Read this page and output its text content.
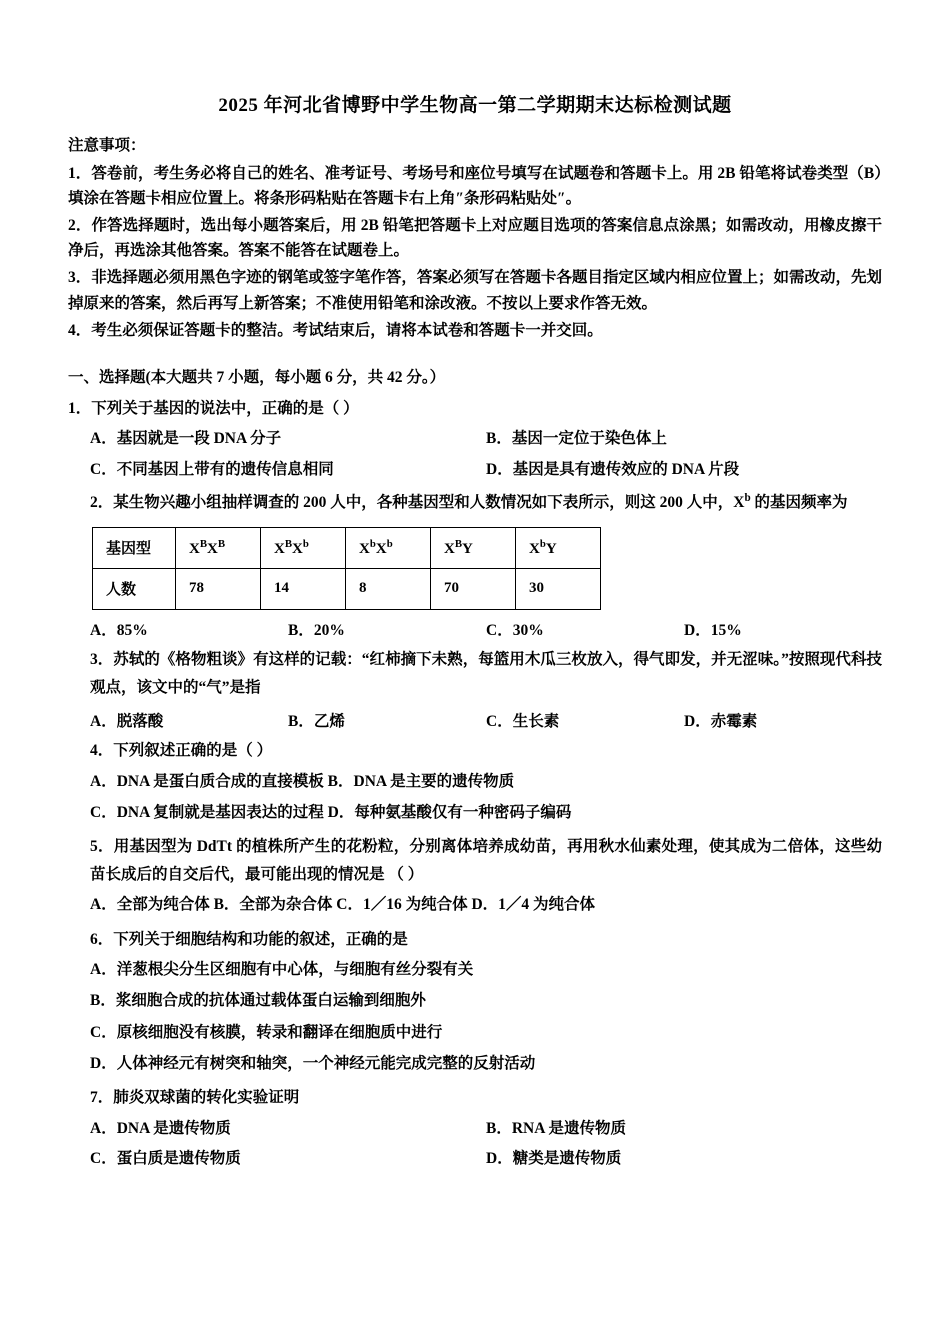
2025 年河北省博野中学生物高一第二学期期末达标检测试题
注意事项：
1．答卷前，考生务必将自己的姓名、准考证号、考场号和座位号填写在试题卷和答题卡上。用 2B 铅笔将试卷类型（B）填涂在答题卡相应位置上。将条形码粘贴在答题卡右上角″条形码粘贴处″。
2．作答选择题时，选出每小题答案后，用 2B 铅笔把答题卡上对应题目选项的答案信息点涂黑；如需改动，用橡皮擦干净后，再选涂其他答案。答案不能答在试题卷上。
3．非选择题必须用黑色字迹的钢笔或签字笔作答，答案必须写在答题卡各题目指定区域内相应位置上；如需改动，先划掉原来的答案，然后再写上新答案；不准使用铅笔和涂改液。不按以上要求作答无效。
4．考生必须保证答题卡的整洁。考试结束后，请将本试卷和答题卡一并交回。
一、选择题(本大题共 7 小题，每小题 6 分，共 42 分。）
1．下列关于基因的说法中，正确的是（ ）
A．基因就是一段 DNA 分子	B．基因一定位于染色体上
C．不同基因上带有的遗传信息相同	D．基因是具有遗传效应的 DNA 片段
2．某生物兴趣小组抽样调查的 200 人中，各种基因型和人数情况如下表所示，则这 200 人中，$X^b$ 的基因频率为
基因型	$X^BX^B$	$X^BX^b$	$X^bX^b$	$X^BY$	$X^bY$
人数	78	14	8	70	30
A．85%	B．20%	C．30%	D．15%
3．苏轼的《格物粗谈》有这样的记载：“红柿摘下未熟，每篮用木瓜三枚放入，得气即发，并无涩味。”按照现代科技观点，该文中的“气”是指
A．脱落酸	B．乙烯	C．生长素	D．赤霉素
4．下列叙述正确的是（ ）
A．DNA 是蛋白质合成的直接模板 B．DNA 是主要的遗传物质
C．DNA 复制就是基因表达的过程 D．每种氨基酸仅有一种密码子编码
5．用基因型为 DdTt 的植株所产生的花粉粒，分别离体培养成幼苗，再用秋水仙素处理，使其成为二倍体，这些幼苗长成后的自交后代，最可能出现的情况是 （ ）
A．全部为纯合体 B．全部为杂合体 C．1／16 为纯合体 D．1／4 为纯合体
6．下列关于细胞结构和功能的叙述，正确的是
A．洋葱根尖分生区细胞有中心体，与细胞有丝分裂有关
B．浆细胞合成的抗体通过载体蛋白运输到细胞外
C．原核细胞没有核膜，转录和翻译在细胞质中进行
D．人体神经元有树突和轴突，一个神经元能完成完整的反射活动
7．肺炎双球菌的转化实验证明
A．DNA 是遗传物质	B．RNA 是遗传物质
C．蛋白质是遗传物质	D．糖类是遗传物质
